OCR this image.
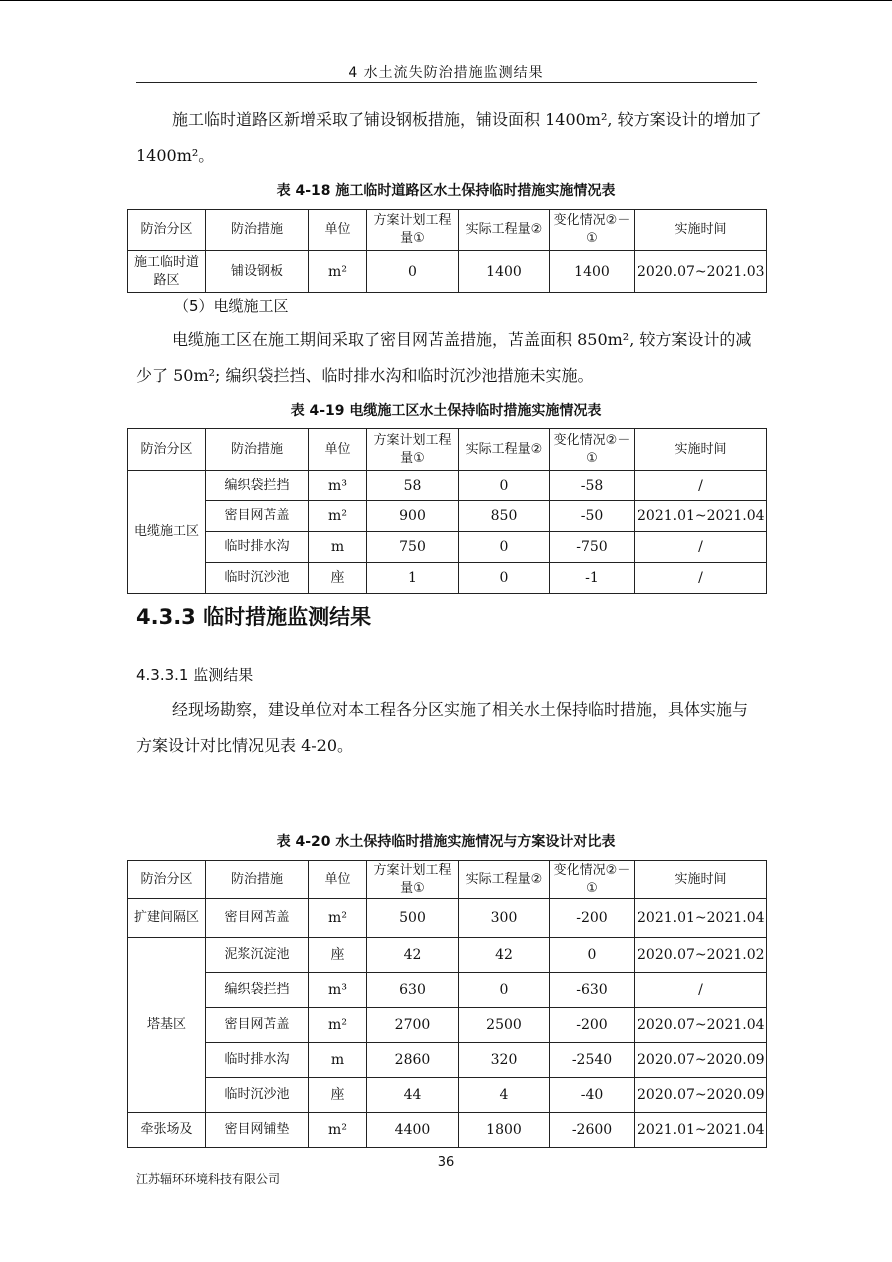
4 水土流失防治措施监测结果

施工临时道路区新增采取了铺设钢板措施，铺设面积 1400m², 较方案设计的增加了 1400m²。

表 4-18 施工临时道路区水土保持临时措施实施情况表
防治分区	防治措施	单位	方案计划工程量①	实际工程量②	变化情况②－①	实施时间
施工临时道路区	铺设钢板	m²	0	1400	1400	2020.07~2021.03
（5）电缆施工区

电缆施工区在施工期间采取了密目网苫盖措施，苫盖面积 850m², 较方案设计的减少了 50m²; 编织袋拦挡、临时排水沟和临时沉沙池措施未实施。

表 4-19 电缆施工区水土保持临时措施实施情况表
防治分区	防治措施	单位	方案计划工程量①	实际工程量②	变化情况②－①	实施时间
电缆施工区	编织袋拦挡	m³	58	0	-58	/
	密目网苫盖	m²	900	850	-50	2021.01~2021.04
	临时排水沟	m	750	0	-750	/
	临时沉沙池	座	1	0	-1	/
4.3.3 临时措施监测结果
4.3.3.1 监测结果

经现场勘察，建设单位对本工程各分区实施了相关水土保持临时措施，具体实施与方案设计对比情况见表 4-20。

表 4-20 水土保持临时措施实施情况与方案设计对比表
防治分区	防治措施	单位	方案计划工程量①	实际工程量②	变化情况②－①	实施时间
扩建间隔区	密目网苫盖	m²	500	300	-200	2021.01~2021.04
塔基区	泥浆沉淀池	座	42	42	0	2020.07~2021.02
	编织袋拦挡	m³	630	0	-630	/
	密目网苫盖	m²	2700	2500	-200	2020.07~2021.04
	临时排水沟	m	2860	320	-2540	2020.07~2020.09
	临时沉沙池	座	44	4	-40	2020.07~2020.09
牵张场及	密目网铺垫	m²	4400	1800	-2600	2021.01~2021.04
36
江苏辐环环境科技有限公司
